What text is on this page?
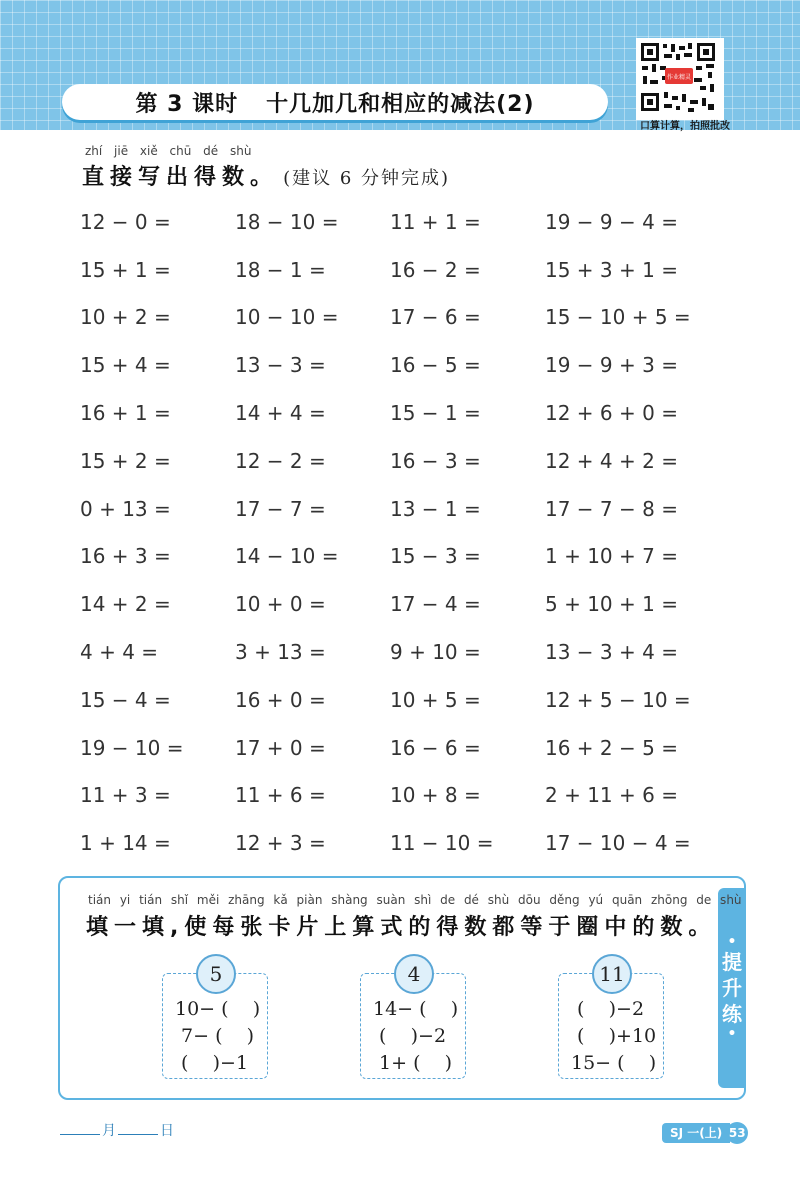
第 3 课时 十几加几和相应的减法(2)
作业精灵
口算计算，拍照批改
zhí jiē xiě chū dé shù
直接写出得数。 (建议 6 分钟完成)
12 − 0 =	18 − 10 =	11 + 1 =	19 − 9 − 4 =
15 + 1 =	18 − 1 =	16 − 2 =	15 + 3 + 1 =
10 + 2 =	10 − 10 =	17 − 6 =	15 − 10 + 5 =
15 + 4 =	13 − 3 =	16 − 5 =	19 − 9 + 3 =
16 + 1 =	14 + 4 =	15 − 1 =	12 + 6 + 0 =
15 + 2 =	12 − 2 =	16 − 3 =	12 + 4 + 2 =
0 + 13 =	17 − 7 =	13 − 1 =	17 − 7 − 8 =
16 + 3 =	14 − 10 =	15 − 3 =	1 + 10 + 7 =
14 + 2 =	10 + 0 =	17 − 4 =	5 + 10 + 1 =
4 + 4 =	3 + 13 =	9 + 10 =	13 − 3 + 4 =
15 − 4 =	16 + 0 =	10 + 5 =	12 + 5 − 10 =
19 − 10 =	17 + 0 =	16 − 6 =	16 + 2 − 5 =
11 + 3 =	11 + 6 =	10 + 8 =	2 + 11 + 6 =
1 + 14 =	12 + 3 =	11 − 10 =	17 − 10 − 4 =
•
提
升
练
•
tián yi tián shǐ měi zhāng kǎ piàn shàng suàn shì de dé shù dōu děng yú quān zhōng de shù
填一填,使每张卡片上算式的得数都等于圈中的数。
5
10− (    )
7− (    )
(    )−1
4
14− (    )
(    )−2
1+ (    )
11
(    )−2
(    )+10
15− (    )
月	日	SJ 一(上) 53
